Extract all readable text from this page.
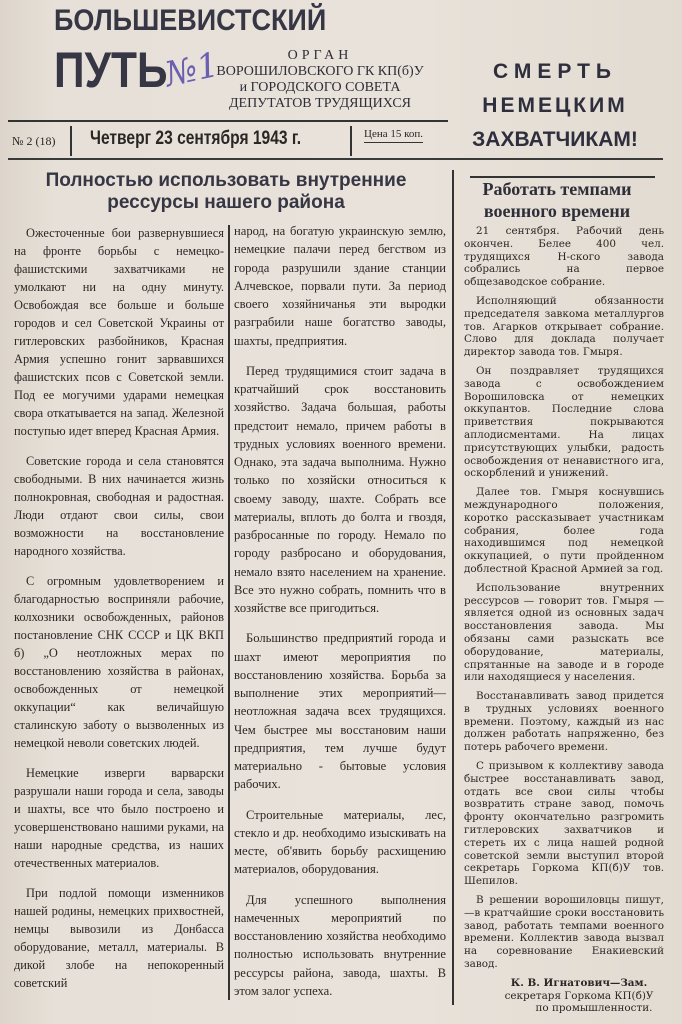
БОЛЬШЕВИСТСКИЙ
ПУТЬ
№1	ОРГАН
ВОРОШИЛОВСКОГО ГК КП(б)У
и ГОРОДСКОГО СОВЕТА
ДЕПУТАТОВ ТРУДЯЩИХСЯ
СМЕРТЬ
НЕМЕЦКИМ
ЗАХВАТЧИКАМ!
№ 2 (18) Четверг 23 сентября 1943 г.	Цена 15 коп.
Полностью использовать внутренние
рессурсы нашего района

Ожесточенные бои развернувшиеся на фронте борьбы с немецко-фашистскими захватчиками не умолкают ни на одну минуту. Освобождая все больше и больше городов и сел Советской Украины от гитлеровских разбойников, Красная Армия успешно гонит зарвавшихся фашистских псов с Советской земли. Под ее могучими ударами немецкая свора откатывается на запад. Железной поступью идет вперед Красная Армия.

Советские города и села становятся свободными. В них начинается жизнь полнокровная, свободная и радостная. Люди отдают свои силы, свои возможности на восстановление народного хозяйства.

С огромным удовлетворением и благодарностью восприняли рабочие, колхозники освобожденных, районов постановление СНК СССР и ЦК ВКП б) „О неотложных мерах по восстановлению хозяйства в районах, освобожденных от немецкой оккупации“ как величайшую сталинскую заботу о вызволенных из немецкой неволи советских людей.

Немецкие изверги варварски разрушали наши города и села, заводы и шахты, все что было построено и усовершенствовано нашими руками, на наши народные средства, из наших отечественных материалов.

При подлой помощи изменников нашей родины, немецких прихвостней, немцы вывозили из Донбасса оборудование, металл, материалы. В дикой злобе на непокоренный советский

народ, на богатую украинскую землю, немецкие палачи перед бегством из города разрушили здание станции Алчевское, порвали пути. За период своего хозяйничанья эти выродки разграбили наше богатство заводы, шахты, предприятия.

Перед трудящимися стоит задача в кратчайший срок восстановить хозяйство. Задача большая, работы предстоит немало, причем работы в трудных условиях военного времени. Однако, эта задача выполнима. Нужно только по хозяйски относиться к своему заводу, шахте. Собрать все материалы, вплоть до болта и гвоздя, разбросанные по городу. Немало по городу разбросано и оборудования, немало взято населением на хранение. Все это нужно собрать, помнить что в хозяйстве все пригодиться.

Большинство предприятий города и шахт имеют мероприятия по восстановлению хозяйства. Борьба за выполнение этих мероприятий—неотложная задача всех трудящихся. Чем быстрее мы восстановим наши предприятия, тем лучше будут материально - бытовые условия рабочих.

Строительные материалы, лес, стекло и др. необходимо изыскивать на месте, об'явить борьбу расхищению материалов, оборудования.

Для успешного выполнения намеченных мероприятий по восстановлению хозяйства необходимо полностью использовать внутренние рессурсы района, завода, шахты. В этом залог успеха.

Работать темпами
военного времени

21 сентября. Рабочий день окончен. Белее 400 чел. трудящихся Н-ского завода собрались на первое общезаводское собрание.

Исполняющий обязанности председателя завкома металлургов тов. Агарков открывает собрание. Слово для доклада получает директор завода тов. Гмыря.

Он поздравляет трудящихся завода с освобождением Ворошиловска от немецких оккупантов. Последние слова приветствия покрываются аплодисментами. На лицах присутствующих улыбки, радость освобождения от ненавистного ига, оскорблений и унижений.

Далее тов. Гмыря коснувшись международного положения, коротко рассказывает участникам собрания, более года находившимся под немецкой оккупацией, о пути пройденном доблестной Красной Армией за год.

Использование внутренних рессурсов — говорит тов. Гмыря — является одной из основных задач восстановления завода. Мы обязаны сами разыскать все оборудование, материалы, спрятанные на заводе и в городе или находящиеся у населения.

Восстанавливать завод придется в трудных условиях военного времени. Поэтому, каждый из нас должен работать напряженно, без потерь рабочего времени.

С призывом к коллективу завода быстрее восстанавливать завод, отдать все свои силы чтобы возвратить стране завод, помочь фронту окончательно разгромить гитлеровских захватчиков и стереть их с лица нашей родной советской земли выступил второй секретарь Горкома КП(б)У тов. Шепилов.

В решении ворошиловцы пишут, —в кратчайшие сроки восстановить завод, работать темпами военного времени. Коллектив завода вызвал на соревнование Енакиевский завод.

К. В. Игнатович—Зам.
секретаря Горкома КП(б)У
по промышленности.
